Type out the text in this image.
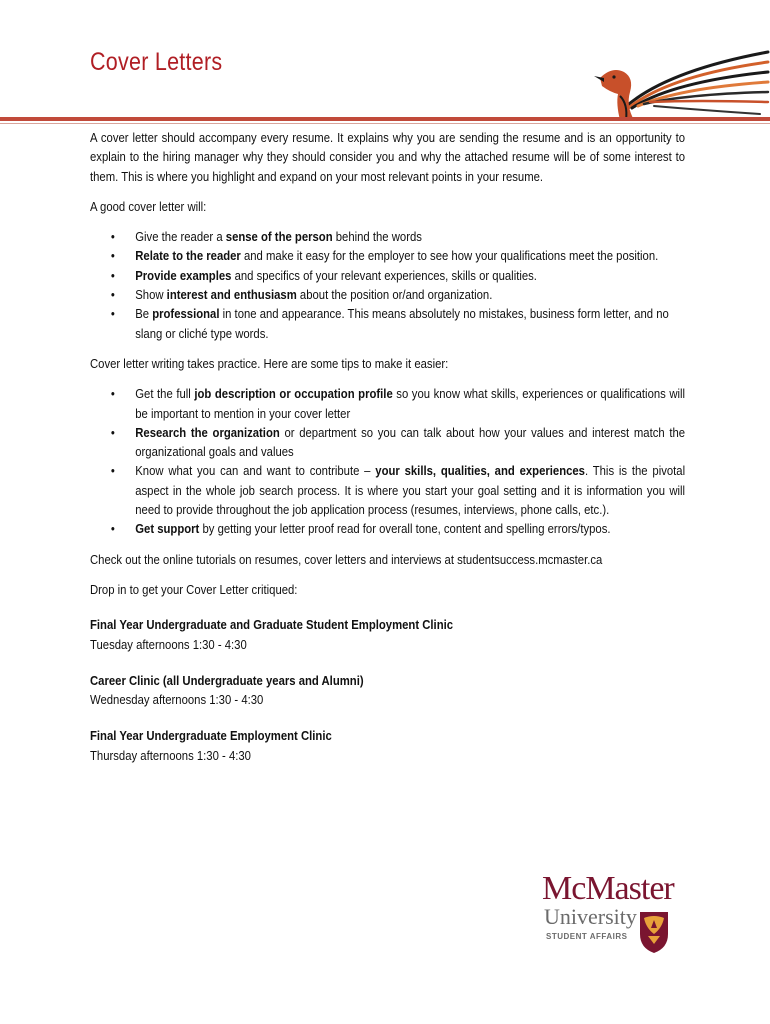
Cover Letters

A cover letter should accompany every resume. It explains why you are sending the resume and is an opportunity to explain to the hiring manager why they should consider you and why the attached resume will be of some interest to them. This is where you highlight and expand on your most relevant points in your resume.

A good cover letter will:

• Give the reader a sense of the person behind the words
• Relate to the reader and make it easy for the employer to see how your qualifications meet the position.
• Provide examples and specifics of your relevant experiences, skills or qualities.
• Show interest and enthusiasm about the position or/and organization.
• Be professional in tone and appearance. This means absolutely no mistakes, business form letter, and no slang or cliché type words.

Cover letter writing takes practice. Here are some tips to make it easier:

• Get the full job description or occupation profile so you know what skills, experiences or qualifications will be important to mention in your cover letter
• Research the organization or department so you can talk about how your values and interest match the organizational goals and values
• Know what you can and want to contribute – your skills, qualities, and experiences. This is the pivotal aspect in the whole job search process. It is where you start your goal setting and it is information you will need to provide throughout the job application process (resumes, interviews, phone calls, etc.).
• Get support by getting your letter proof read for overall tone, content and spelling errors/typos.

Check out the online tutorials on resumes, cover letters and interviews at studentsuccess.mcmaster.ca

Drop in to get your Cover Letter critiqued:

Final Year Undergraduate and Graduate Student Employment Clinic
Tuesday afternoons 1:30 - 4:30
Career Clinic (all Undergraduate years and Alumni)
Wednesday afternoons 1:30 - 4:30
Final Year Undergraduate Employment Clinic
Thursday afternoons 1:30 - 4:30
McMaster
University
STUDENT AFFAIRS
